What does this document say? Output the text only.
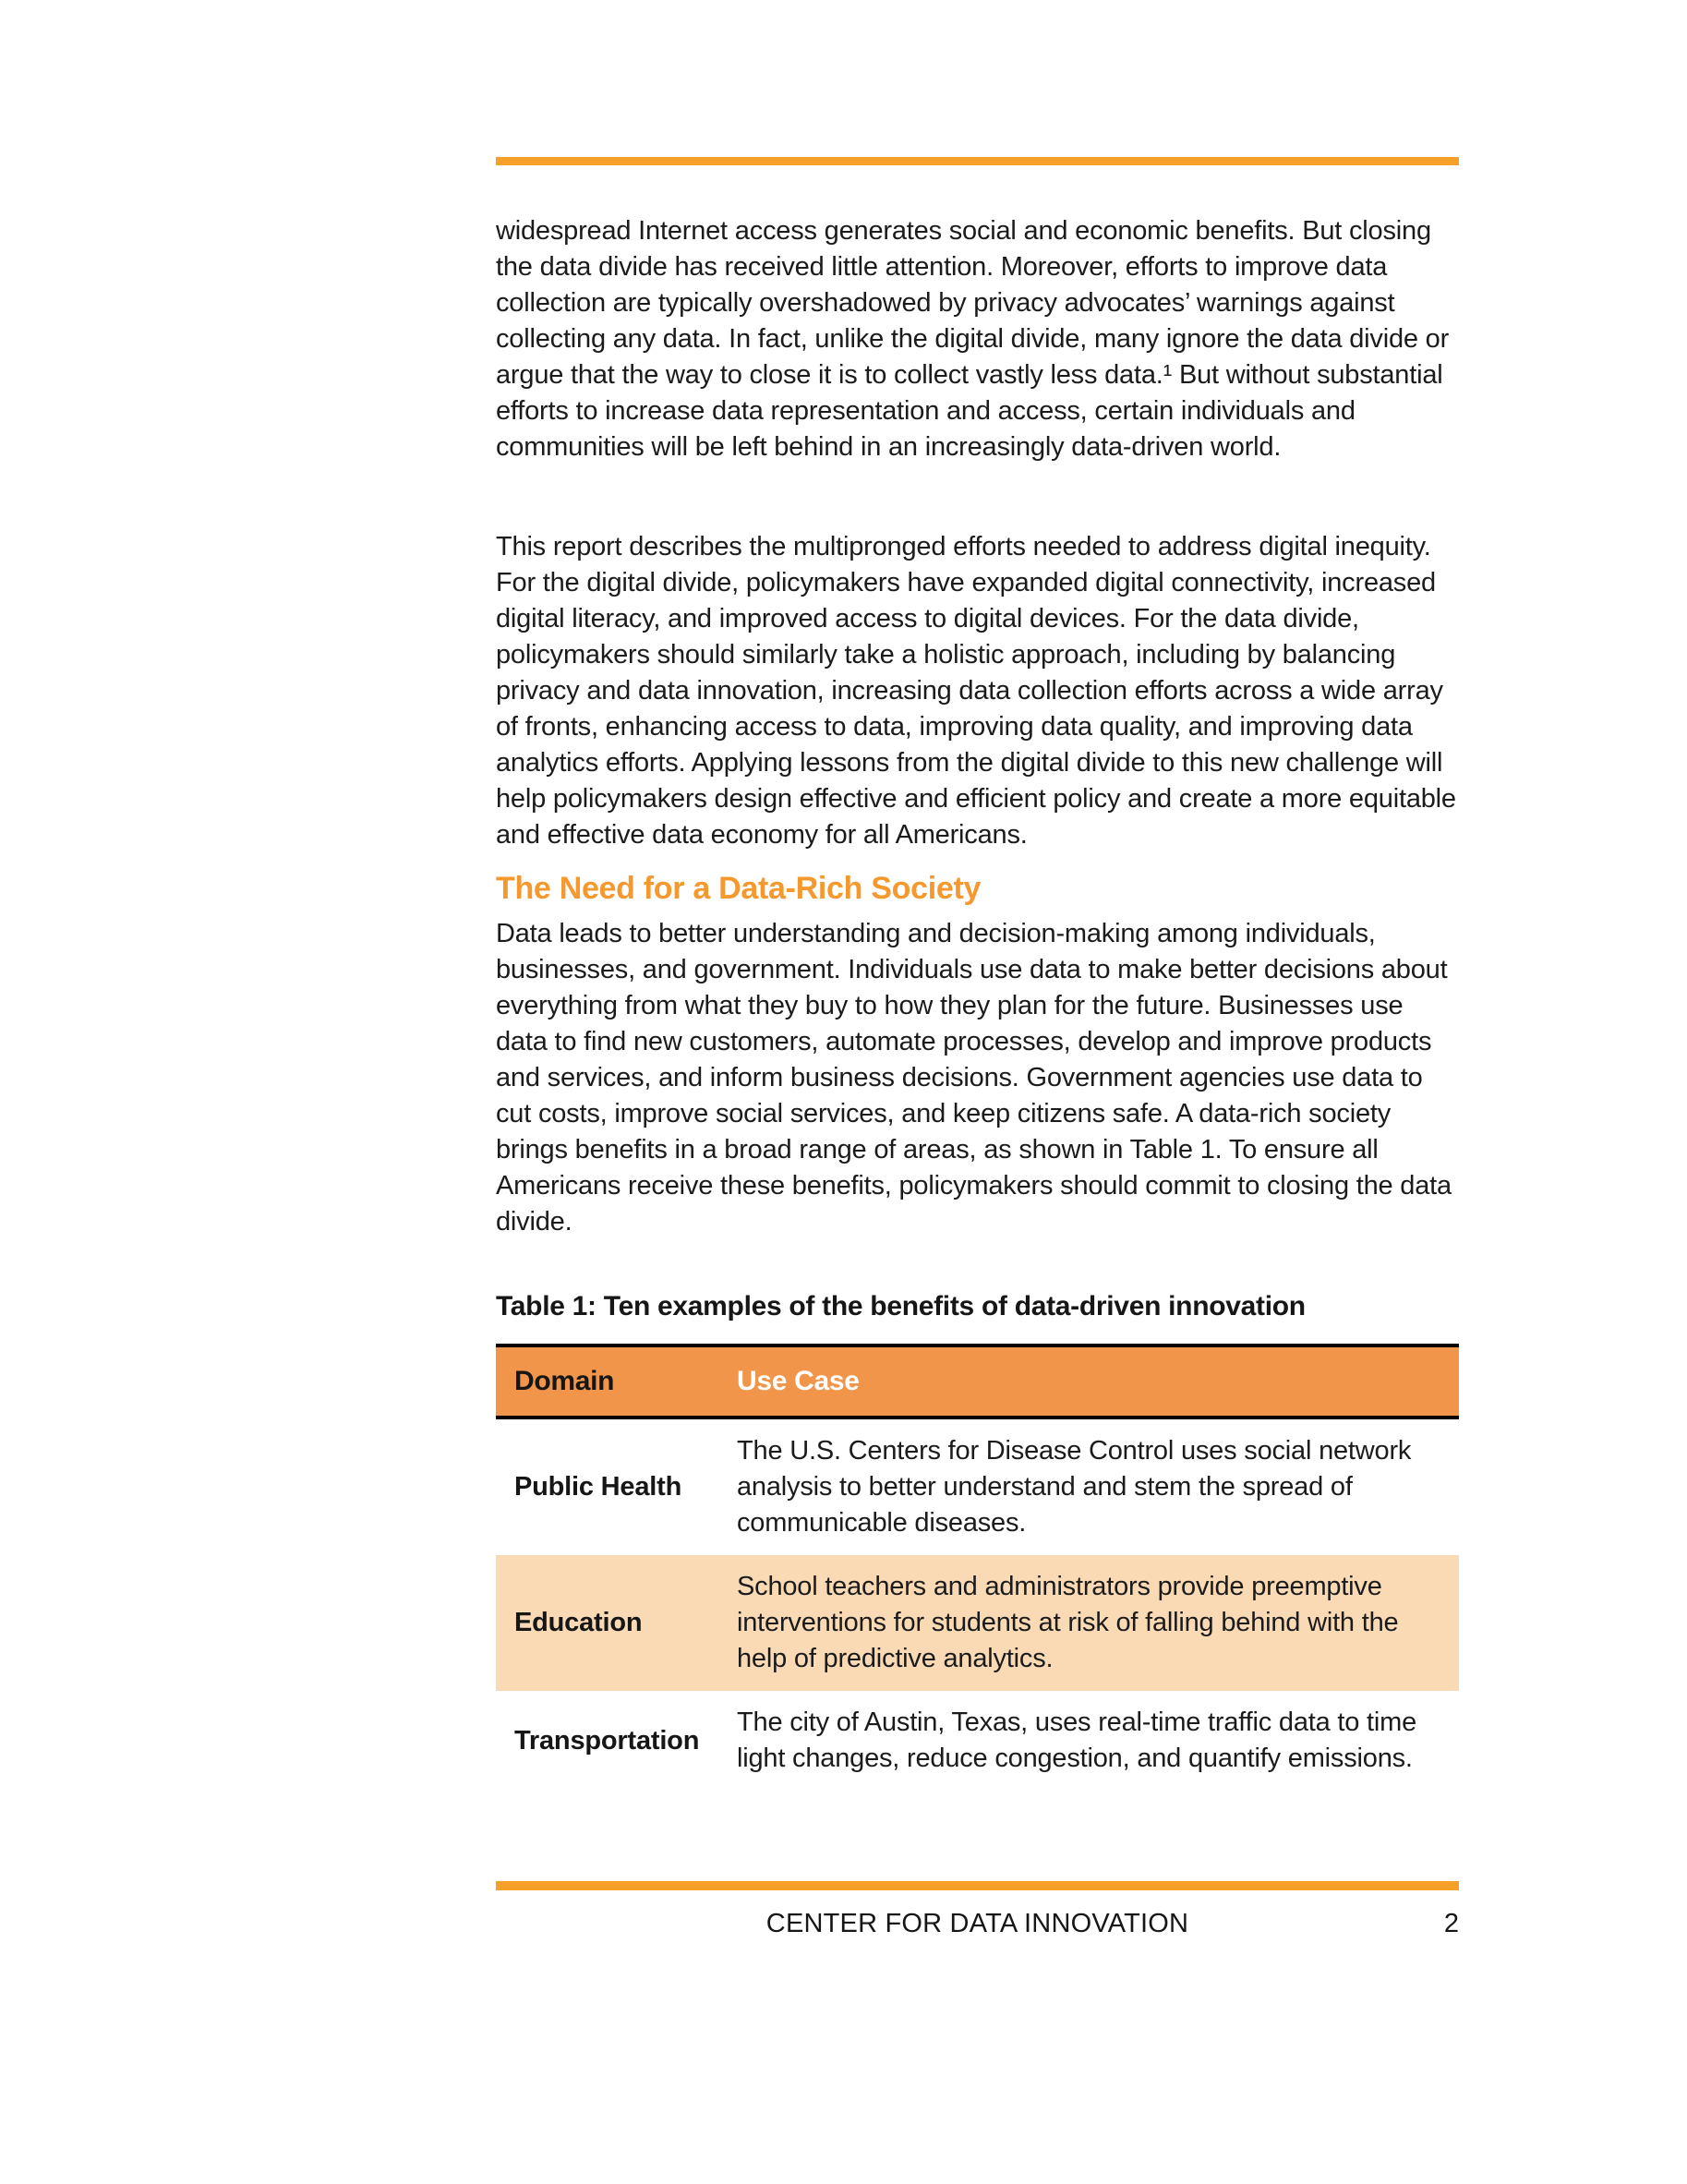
widespread Internet access generates social and economic benefits. But closing the data divide has received little attention. Moreover, efforts to improve data collection are typically overshadowed by privacy advocates’ warnings against collecting any data. In fact, unlike the digital divide, many ignore the data divide or argue that the way to close it is to collect vastly less data.¹ But without substantial efforts to increase data representation and access, certain individuals and communities will be left behind in an increasingly data-driven world.

This report describes the multipronged efforts needed to address digital inequity. For the digital divide, policymakers have expanded digital connectivity, increased digital literacy, and improved access to digital devices. For the data divide, policymakers should similarly take a holistic approach, including by balancing privacy and data innovation, increasing data collection efforts across a wide array of fronts, enhancing access to data, improving data quality, and improving data analytics efforts. Applying lessons from the digital divide to this new challenge will help policymakers design effective and efficient policy and create a more equitable and effective data economy for all Americans.

The Need for a Data-Rich Society

Data leads to better understanding and decision-making among individuals, businesses, and government. Individuals use data to make better decisions about everything from what they buy to how they plan for the future. Businesses use data to find new customers, automate processes, develop and improve products and services, and inform business decisions. Government agencies use data to cut costs, improve social services, and keep citizens safe. A data-rich society brings benefits in a broad range of areas, as shown in Table 1. To ensure all Americans receive these benefits, policymakers should commit to closing the data divide.

Table 1: Ten examples of the benefits of data-driven innovation

Domain	Use Case
Public Health
The U.S. Centers for Disease Control uses social network analysis to better understand and stem the spread of communicable diseases.
Education
School teachers and administrators provide preemptive interventions for students at risk of falling behind with the help of predictive analytics.
Transportation
The city of Austin, Texas, uses real-time traffic data to time light changes, reduce congestion, and quantify emissions.
CENTER FOR DATA INNOVATION	2
